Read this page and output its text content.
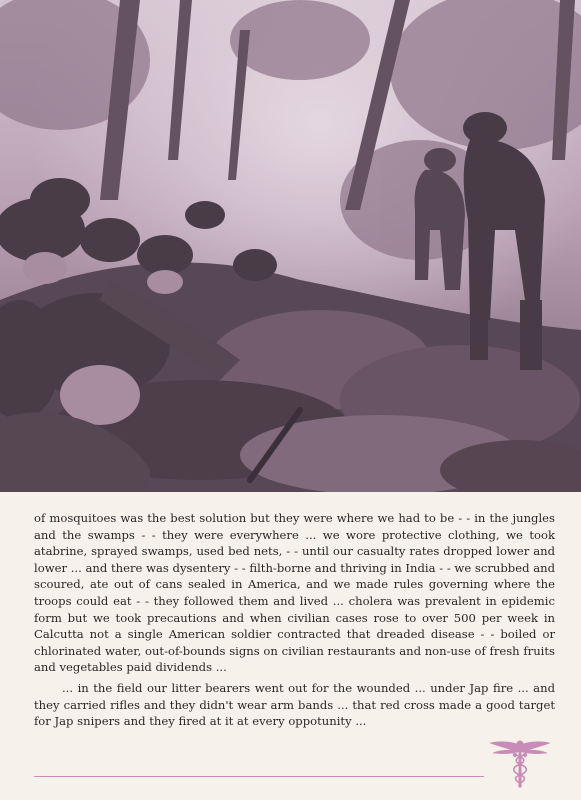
of mosquitoes was the best solution but they were where we had to be - - in the jungles and the swamps - - they were everywhere ... we wore protective clothing, we took atabrine, sprayed swamps, used bed nets, - - until our casualty rates dropped lower and lower ... and there was dysentery - - filth-borne and thriving in India - - we scrubbed and scoured, ate out of cans sealed in America, and we made rules governing where the troops could eat - - they followed them and lived ... cholera was prevalent in epidemic form but we took precautions and when civilian cases rose to over 500 per week in Calcutta not a single American soldier contracted that dreaded disease - - boiled or chlorinated water, out-of-bounds signs on civilian restaurants and non-use of fresh fruits and vegetables paid dividends ...

... in the field our litter bearers went out for the wounded ... under Jap fire ... and they carried rifles and they didn't wear arm bands ... that red cross made a good target for Jap snipers and they fired at it at every oppotunity ...
